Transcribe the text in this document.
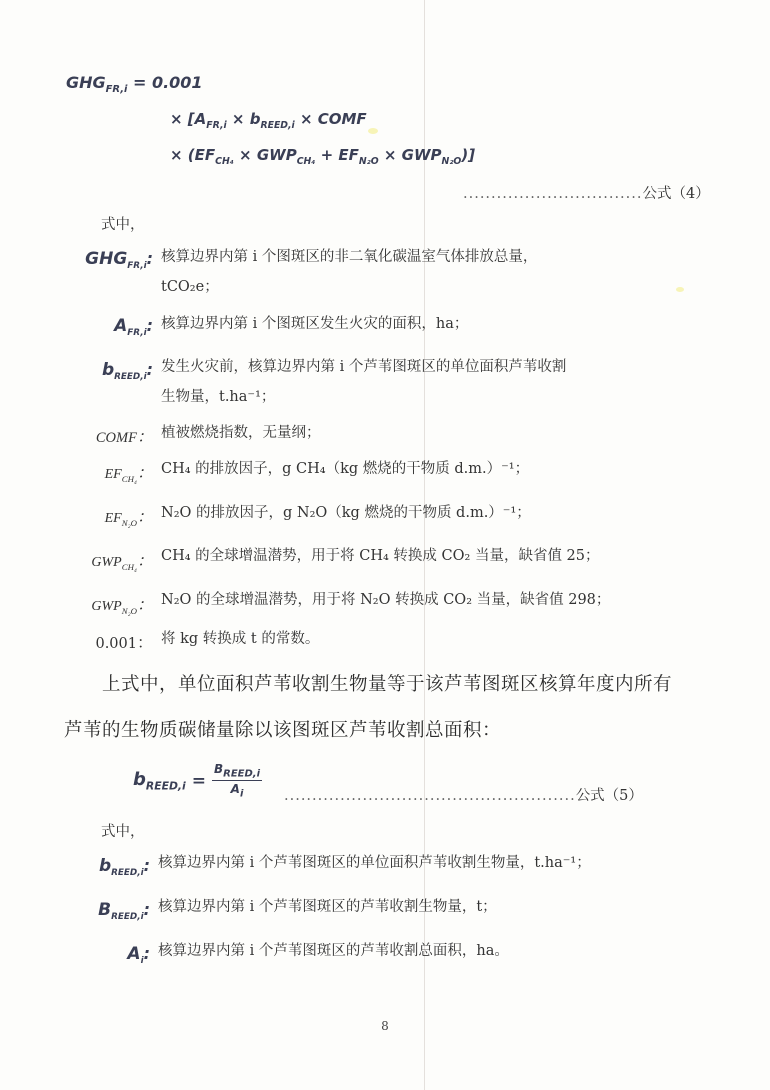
$GHG_{FR,i} = 0.001$
× [$A_{FR,i} \times b_{REED,i}$ × COMF
× $(EF_{CH_4} \times GWP_{CH_4} + EF_{N_2O} \times GWP_{N_2O})$]
................................公式（4）
式中，
$GHG_{FR,i}$: 核算边界内第 i 个图斑区的非二氧化碳温室气体排放总量，
tCO₂e；
$A_{FR,i}$: 核算边界内第 i 个图斑区发生火灾的面积，ha；
$b_{REED,i}$: 发生火灾前，核算边界内第 i 个芦苇图斑区的单位面积芦苇收割
生物量，t.ha⁻¹；
COMF： 植被燃烧指数，无量纲；
$EF_{CH_4}$： CH₄ 的排放因子，g CH₄（kg 燃烧的干物质 d.m.）⁻¹；
$EF_{N_2O}$： N₂O 的排放因子，g N₂O（kg 燃烧的干物质 d.m.）⁻¹；
$GWP_{CH_4}$： CH₄ 的全球增温潜势，用于将 CH₄ 转换成 CO₂ 当量，缺省值 25；
$GWP_{N_2O}$： N₂O 的全球增温潜势，用于将 N₂O 转换成 CO₂ 当量，缺省值 298；
0.001： 将 kg 转换成 t 的常数。
上式中，单位面积芦苇收割生物量等于该芦苇图斑区核算年度内所有
芦苇的生物质碳储量除以该图斑区芦苇收割总面积：
$b_{REED,i} = \frac{B_{REED,i}}{A_i}$ ....................................................公式（5）
式中，
$b_{REED,i}$: 核算边界内第 i 个芦苇图斑区的单位面积芦苇收割生物量，t.ha⁻¹；
$B_{REED,i}$: 核算边界内第 i 个芦苇图斑区的芦苇收割生物量，t；
$A_i$: 核算边界内第 i 个芦苇图斑区的芦苇收割总面积，ha。
8
